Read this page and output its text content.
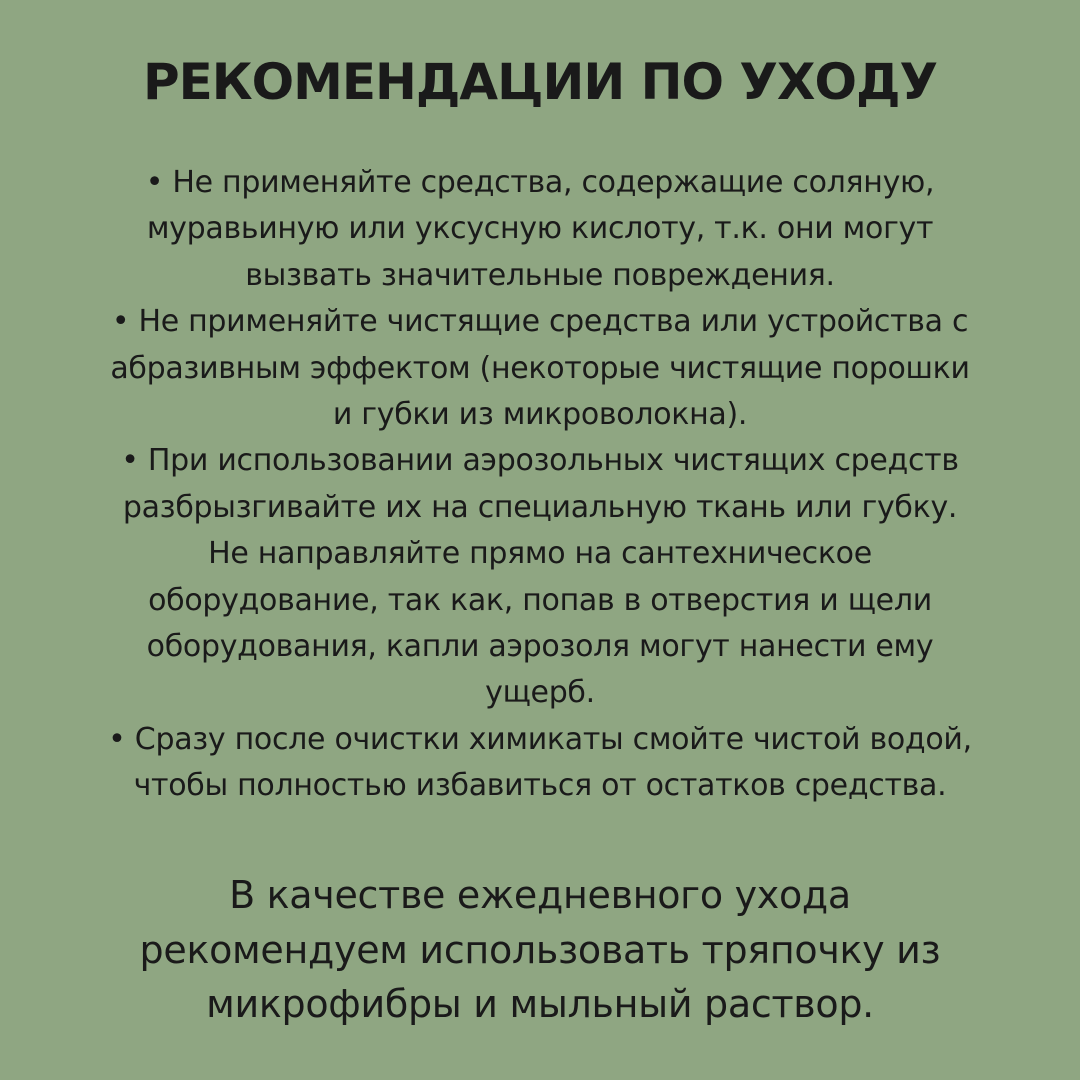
РЕКОМЕНДАЦИИ ПО УХОДУ
• Не применяйте средства, содержащие соляную,
муравьиную или уксусную кислоту, т.к. они могут
вызвать значительные повреждения.
• Не применяйте чистящие средства или устройства с
абразивным эффектом (некоторые чистящие порошки
и губки из микроволокна).
• При использовании аэрозольных чистящих средств
разбрызгивайте их на специальную ткань или губку.
Не направляйте прямо на сантехническое
оборудование, так как, попав в отверстия и щели
оборудования, капли аэрозоля могут нанести ему
ущерб.
• Сразу после очистки химикаты смойте чистой водой,
чтобы полностью избавиться от остатков средства.

В качестве ежедневного ухода
рекомендуем использовать тряпочку из
микрофибры и мыльный раствор.
